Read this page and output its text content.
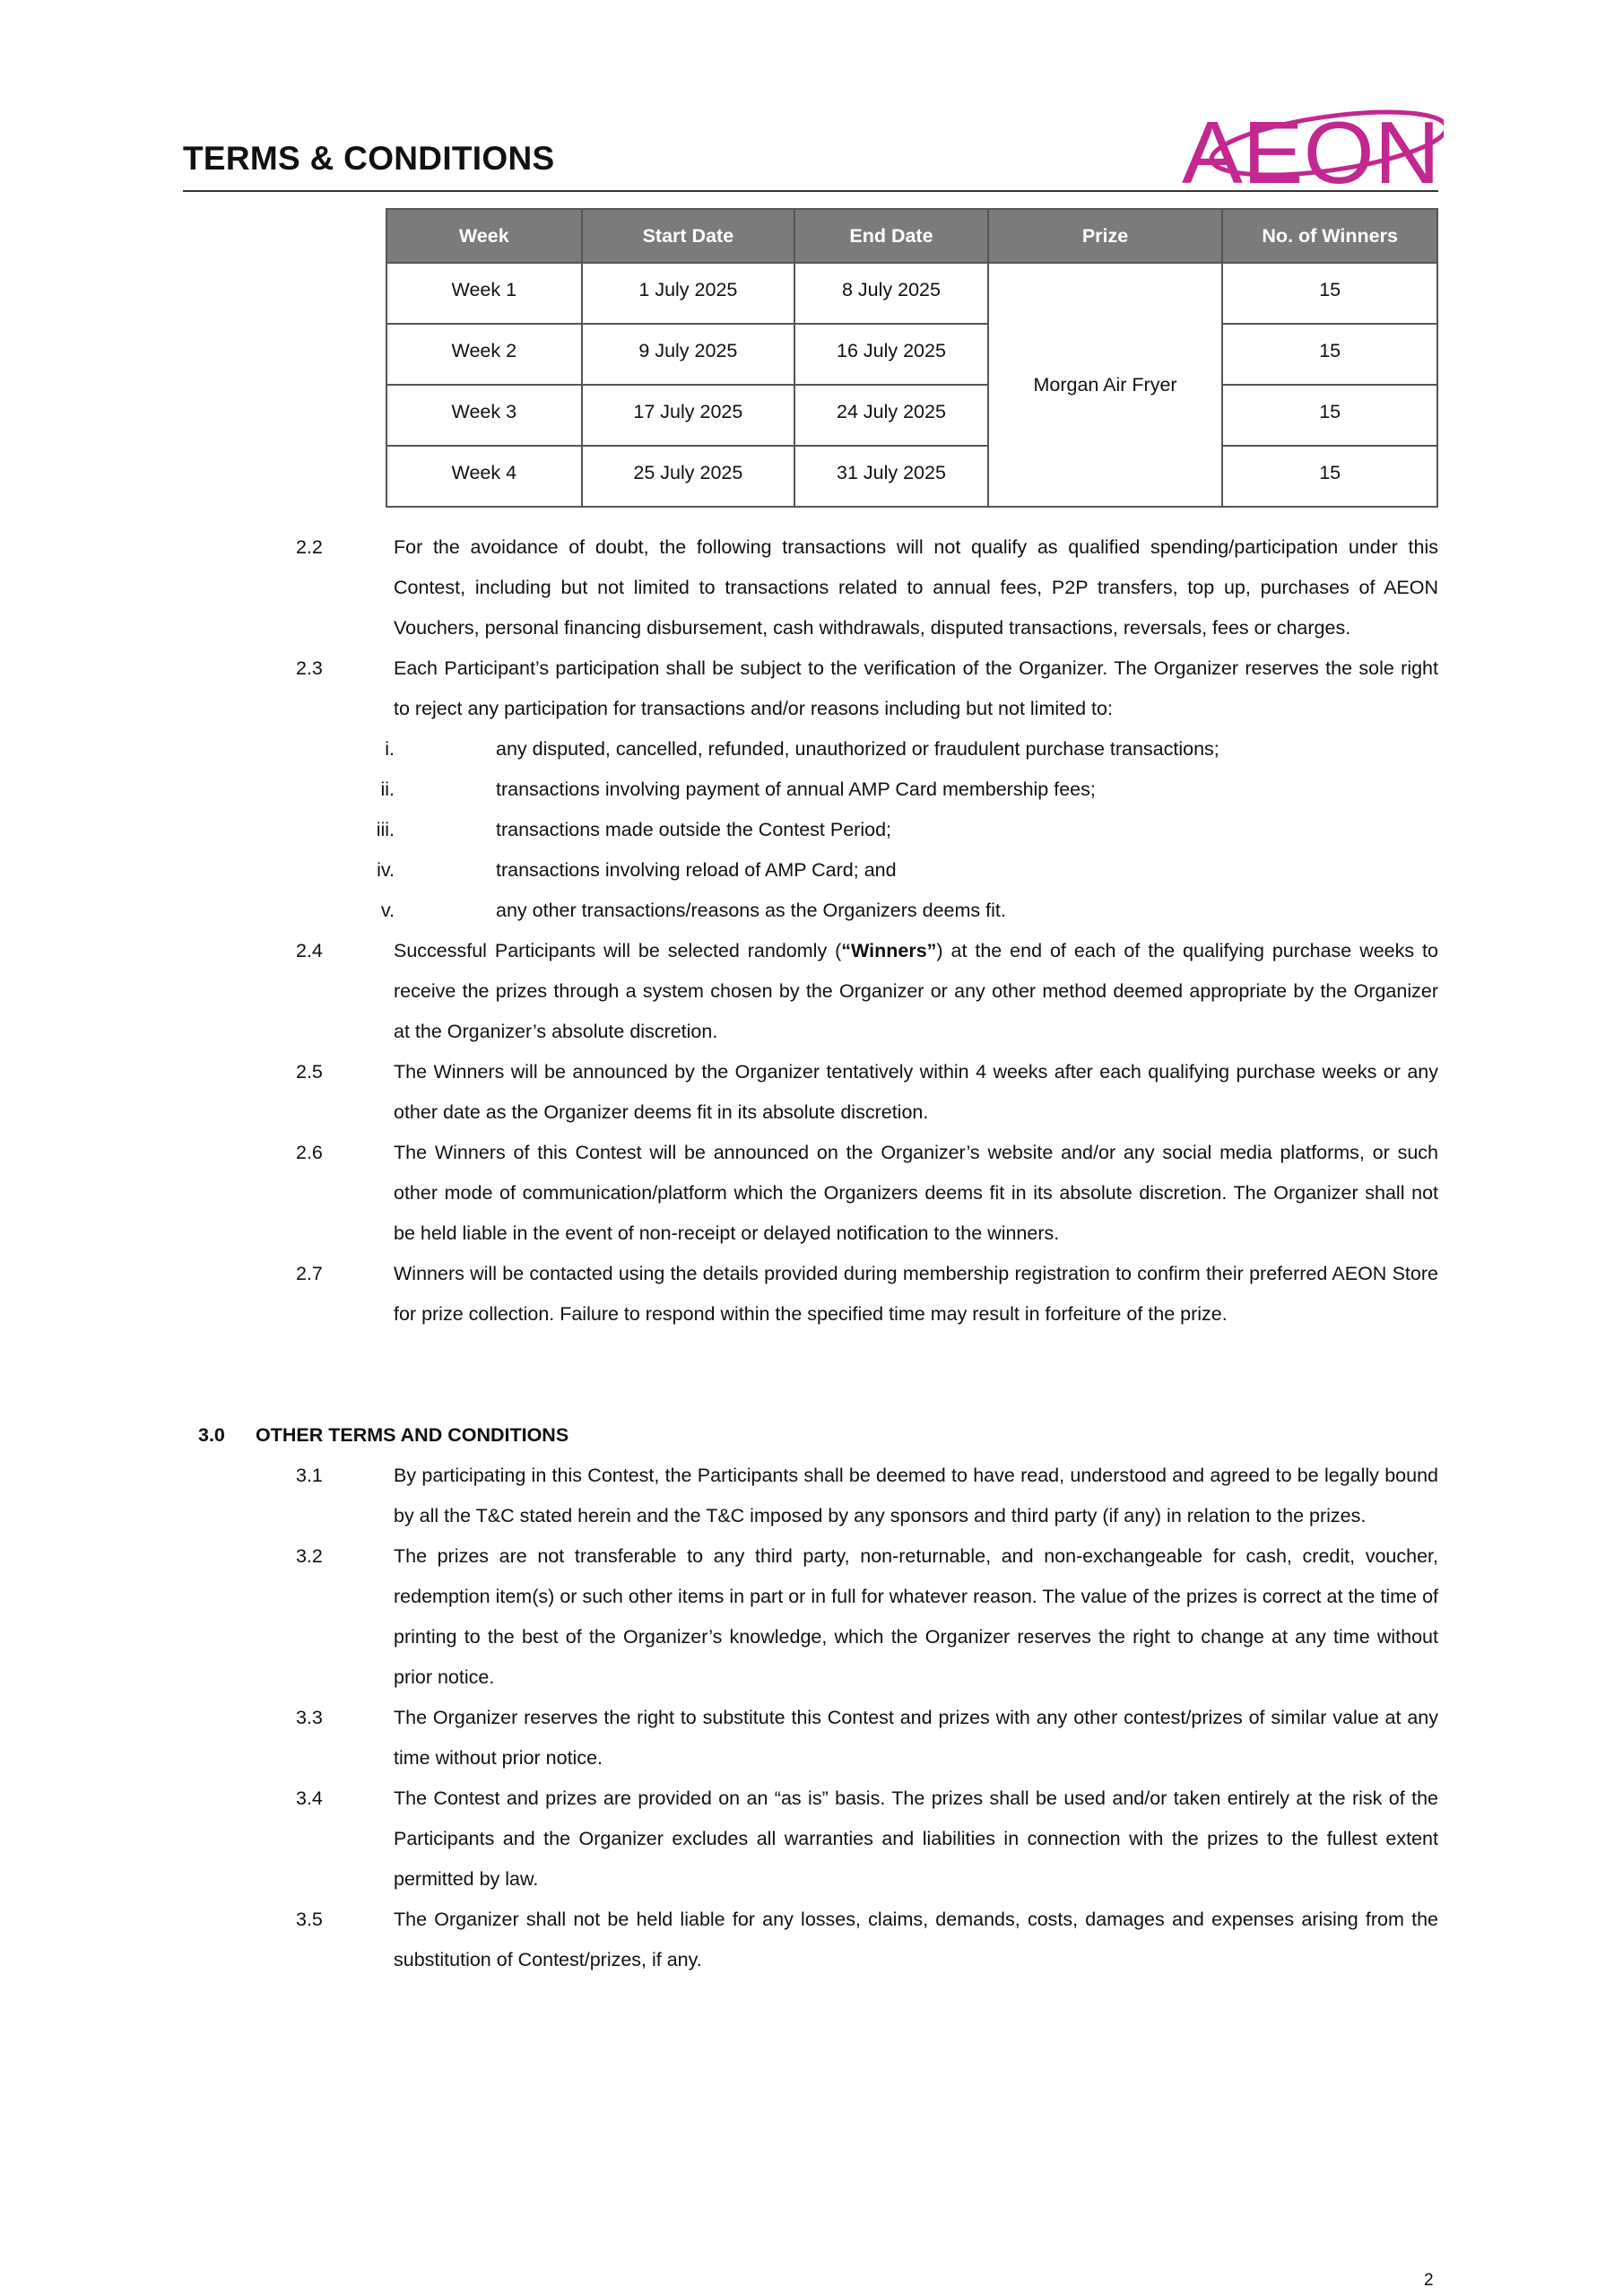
TERMS & CONDITIONS	AEON
Week	Start Date	End Date	Prize	No. of Winners
Week 1	1 July 2025	8 July 2025	Morgan Air Fryer	15
Week 2	9 July 2025	16 July 2025		15
Week 3	17 July 2025	24 July 2025		15
Week 4	25 July 2025	31 July 2025		15
2.2	For the avoidance of doubt, the following transactions will not qualify as qualified spending/participation under this Contest, including but not limited to transactions related to annual fees, P2P transfers, top up, purchases of AEON Vouchers, personal financing disbursement, cash withdrawals, disputed transactions, reversals, fees or charges.
2.3	Each Participant’s participation shall be subject to the verification of the Organizer. The Organizer reserves the sole right to reject any participation for transactions and/or reasons including but not limited to:
i.	any disputed, cancelled, refunded, unauthorized or fraudulent purchase transactions;
ii.	transactions involving payment of annual AMP Card membership fees;
iii.	transactions made outside the Contest Period;
iv.	transactions involving reload of AMP Card; and
v.	any other transactions/reasons as the Organizers deems fit.
2.4	Successful Participants will be selected randomly (“Winners”) at the end of each of the qualifying purchase weeks to receive the prizes through a system chosen by the Organizer or any other method deemed appropriate by the Organizer at the Organizer’s absolute discretion.
2.5	The Winners will be announced by the Organizer tentatively within 4 weeks after each qualifying purchase weeks or any other date as the Organizer deems fit in its absolute discretion.
2.6	The Winners of this Contest will be announced on the Organizer’s website and/or any social media platforms, or such other mode of communication/platform which the Organizers deems fit in its absolute discretion. The Organizer shall not be held liable in the event of non-receipt or delayed notification to the winners.
2.7	Winners will be contacted using the details provided during membership registration to confirm their preferred AEON Store for prize collection. Failure to respond within the specified time may result in forfeiture of the prize.
3.0 OTHER TERMS AND CONDITIONS
3.1	By participating in this Contest, the Participants shall be deemed to have read, understood and agreed to be legally bound by all the T&C stated herein and the T&C imposed by any sponsors and third party (if any) in relation to the prizes.
3.2	The prizes are not transferable to any third party, non-returnable, and non-exchangeable for cash, credit, voucher, redemption item(s) or such other items in part or in full for whatever reason. The value of the prizes is correct at the time of printing to the best of the Organizer’s knowledge, which the Organizer reserves the right to change at any time without prior notice.
3.3	The Organizer reserves the right to substitute this Contest and prizes with any other contest/prizes of similar value at any time without prior notice.
3.4	The Contest and prizes are provided on an “as is” basis. The prizes shall be used and/or taken entirely at the risk of the Participants and the Organizer excludes all warranties and liabilities in connection with the prizes to the fullest extent permitted by law.
3.5	The Organizer shall not be held liable for any losses, claims, demands, costs, damages and expenses arising from the substitution of Contest/prizes, if any.
2
